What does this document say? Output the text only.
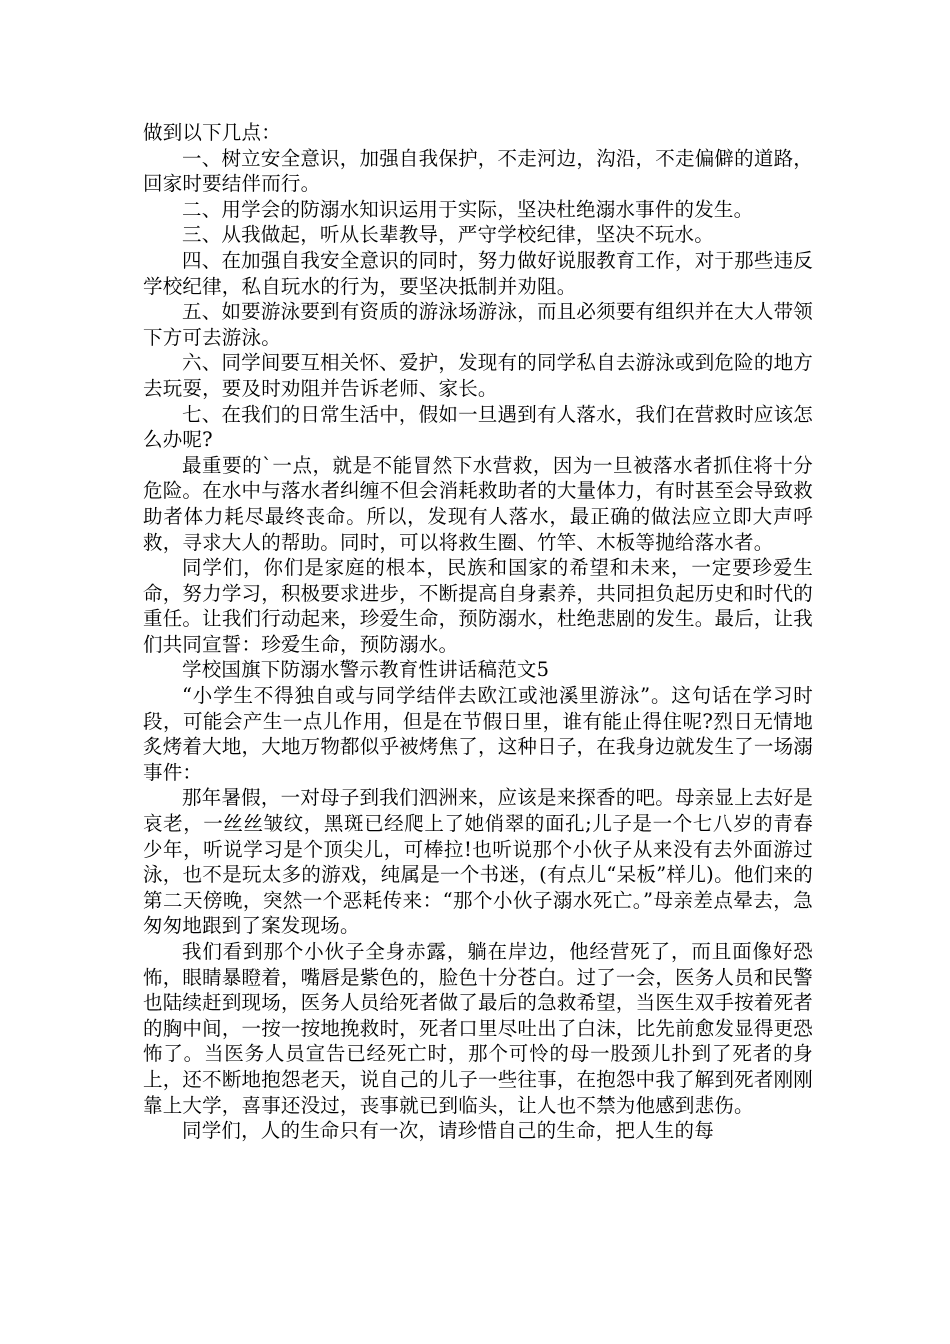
做到以下几点：

一、树立安全意识，加强自我保护，不走河边，沟沿，不走偏僻的道路，回家时要结伴而行。

二、用学会的防溺水知识运用于实际，坚决杜绝溺水事件的发生。

三、从我做起，听从长辈教导，严守学校纪律，坚决不玩水。

四、在加强自我安全意识的同时，努力做好说服教育工作，对于那些违反学校纪律，私自玩水的行为，要坚决抵制并劝阻。

五、如要游泳要到有资质的游泳场游泳，而且必须要有组织并在大人带领下方可去游泳。

六、同学间要互相关怀、爱护，发现有的同学私自去游泳或到危险的地方去玩耍，要及时劝阻并告诉老师、家长。

七、在我们的日常生活中，假如一旦遇到有人落水，我们在营救时应该怎么办呢?

最重要的`一点，就是不能冒然下水营救，因为一旦被落水者抓住将十分危险。在水中与落水者纠缠不但会消耗救助者的大量体力，有时甚至会导致救助者体力耗尽最终丧命。所以，发现有人落水，最正确的做法应立即大声呼救，寻求大人的帮助。同时，可以将救生圈、竹竿、木板等抛给落水者。

同学们，你们是家庭的根本，民族和国家的希望和未来，一定要珍爱生命，努力学习，积极要求进步，不断提高自身素养，共同担负起历史和时代的重任。让我们行动起来，珍爱生命，预防溺水，杜绝悲剧的发生。最后，让我们共同宣誓：珍爱生命，预防溺水。

学校国旗下防溺水警示教育性讲话稿范文5

“小学生不得独自或与同学结伴去欧江或池溪里游泳”。这句话在学习时段，可能会产生一点儿作用，但是在节假日里，谁有能止得住呢?烈日无情地炙烤着大地，大地万物都似乎被烤焦了，这种日子，在我身边就发生了一场溺事件：

那年暑假，一对母子到我们泗洲来，应该是来探香的吧。母亲显上去好是哀老，一丝丝皱纹，黑斑已经爬上了她俏翠的面孔;儿子是一个七八岁的青春少年，听说学习是个顶尖儿，可棒拉!也听说那个小伙子从来没有去外面游过泳，也不是玩太多的游戏，纯属是一个书迷，(有点儿“呆板”样儿)。他们来的第二天傍晚，突然一个恶耗传来：“那个小伙子溺水死亡。”母亲差点晕去，急匆匆地跟到了案发现场。

我们看到那个小伙子全身赤露，躺在岸边，他经营死了，而且面像好恐怖，眼睛暴瞪着，嘴唇是紫色的，脸色十分苍白。过了一会，医务人员和民警也陆续赶到现场，医务人员给死者做了最后的急救希望，当医生双手按着死者的胸中间，一按一按地挽救时，死者口里尽吐出了白沫，比先前愈发显得更恐怖了。当医务人员宣告已经死亡时，那个可怜的母一股颈儿扑到了死者的身上，还不断地抱怨老天，说自己的儿子一些往事，在抱怨中我了解到死者刚刚靠上大学，喜事还没过，丧事就已到临头，让人也不禁为他感到悲伤。

同学们，人的生命只有一次，请珍惜自己的生命，把人生的每
